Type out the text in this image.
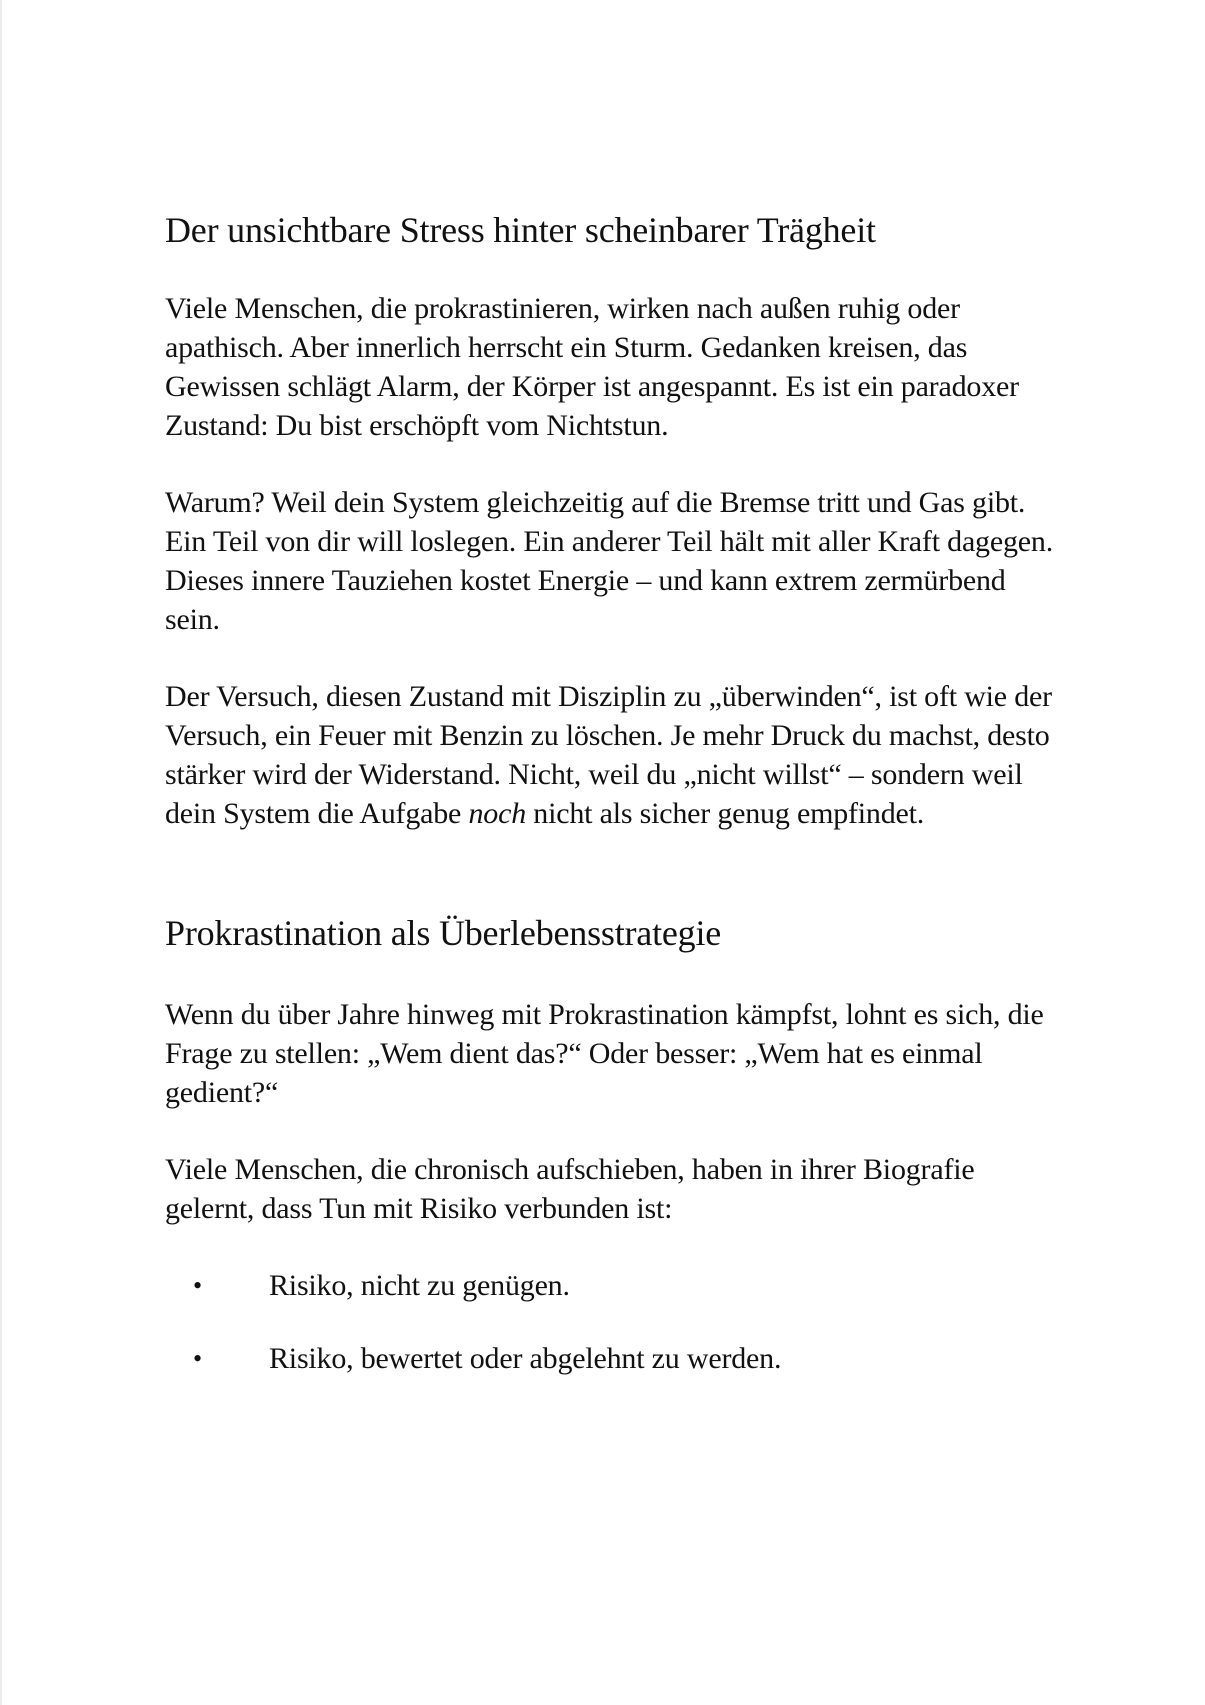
Der unsichtbare Stress hinter scheinbarer Trägheit

Viele Menschen, die prokrastinieren, wirken nach außen ruhig oder apathisch. Aber innerlich herrscht ein Sturm. Gedanken kreisen, das Gewissen schlägt Alarm, der Körper ist angespannt. Es ist ein paradoxer Zustand: Du bist erschöpft vom Nichtstun.

Warum? Weil dein System gleichzeitig auf die Bremse tritt und Gas gibt. Ein Teil von dir will loslegen. Ein anderer Teil hält mit aller Kraft dagegen. Dieses innere Tauziehen kostet Energie – und kann extrem zermürbend sein.

Der Versuch, diesen Zustand mit Disziplin zu „überwinden“, ist oft wie der Versuch, ein Feuer mit Benzin zu löschen. Je mehr Druck du machst, desto stärker wird der Widerstand. Nicht, weil du „nicht willst“ – sondern weil dein System die Aufgabe noch nicht als sicher genug empfindet.

Prokrastination als Überlebensstrategie

Wenn du über Jahre hinweg mit Prokrastination kämpfst, lohnt es sich, die Frage zu stellen: „Wem dient das?“ Oder besser: „Wem hat es einmal gedient?“

Viele Menschen, die chronisch aufschieben, haben in ihrer Biografie gelernt, dass Tun mit Risiko verbunden ist:

• Risiko, nicht zu genügen.
• Risiko, bewertet oder abgelehnt zu werden.
